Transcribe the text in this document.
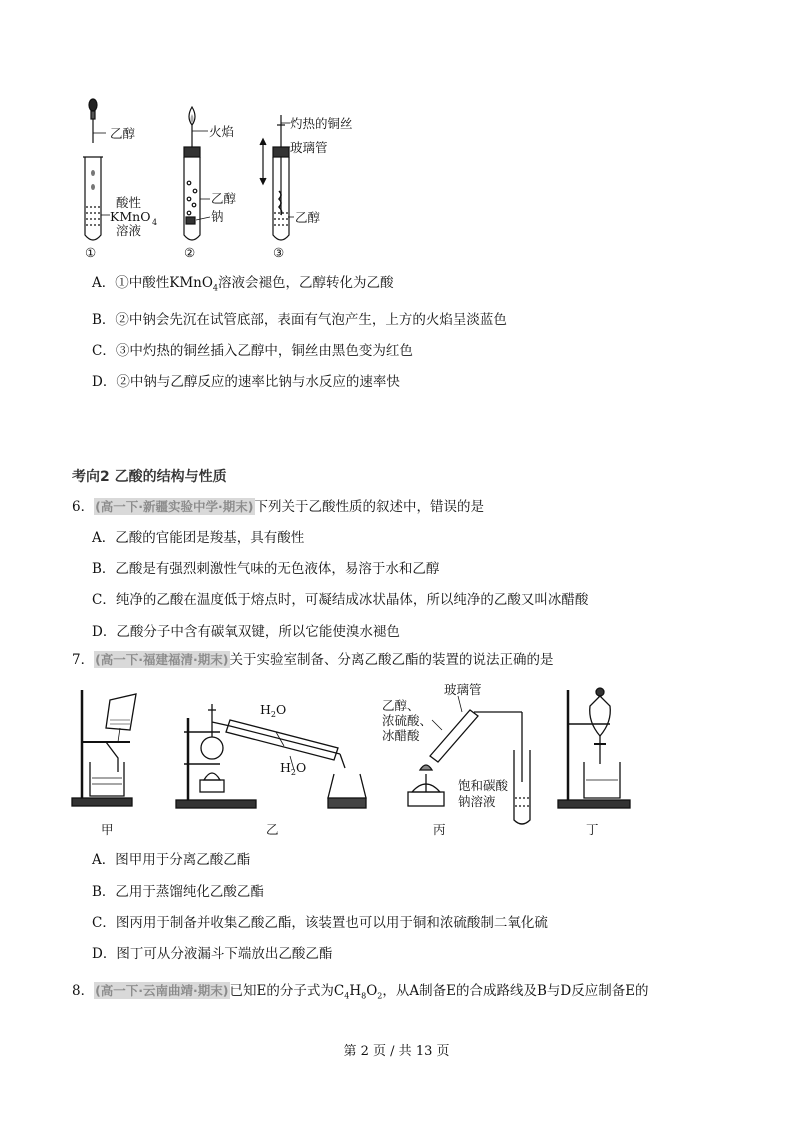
乙醇
酸性
KMnO 4
溶液
火焰
乙醇
钠
灼热的铜丝
玻璃管
乙醇
①	②	③
A．①中酸性KMnO$_4$溶液会褪色，乙醇转化为乙酸
B．②中钠会先沉在试管底部，表面有气泡产生，上方的火焰呈淡蓝色
C．③中灼热的铜丝插入乙醇中，铜丝由黑色变为红色
D．②中钠与乙醇反应的速率比钠与水反应的速率快
考向2 乙酸的结构与性质
6．(高一下·新疆实验中学·期末)下列关于乙酸性质的叙述中，错误的是
A．乙酸的官能团是羧基，具有酸性
B．乙酸是有强烈刺激性气味的无色液体，易溶于水和乙醇
C．纯净的乙酸在温度低于熔点时，可凝结成冰状晶体，所以纯净的乙酸又叫冰醋酸
D．乙酸分子中含有碳氧双键，所以它能使溴水褪色
7．(高一下·福建福清·期末)关于实验室制备、分离乙酸乙酯的装置的说法正确的是
甲	乙	丙	丁
$H_2O$
$H_2O$
乙醇、
浓硫酸、
冰醋酸
玻璃管
饱和碳酸
钠溶液
A．图甲用于分离乙酸乙酯
B．乙用于蒸馏纯化乙酸乙酯
C．图丙用于制备并收集乙酸乙酯，该装置也可以用于铜和浓硫酸制二氧化硫
D．图丁可从分液漏斗下端放出乙酸乙酯
8．(高一下·云南曲靖·期末)已知E的分子式为$C_4H_8O_2$，从A制备E的合成路线及B与D反应制备E的
第 2 页 / 共 13 页
